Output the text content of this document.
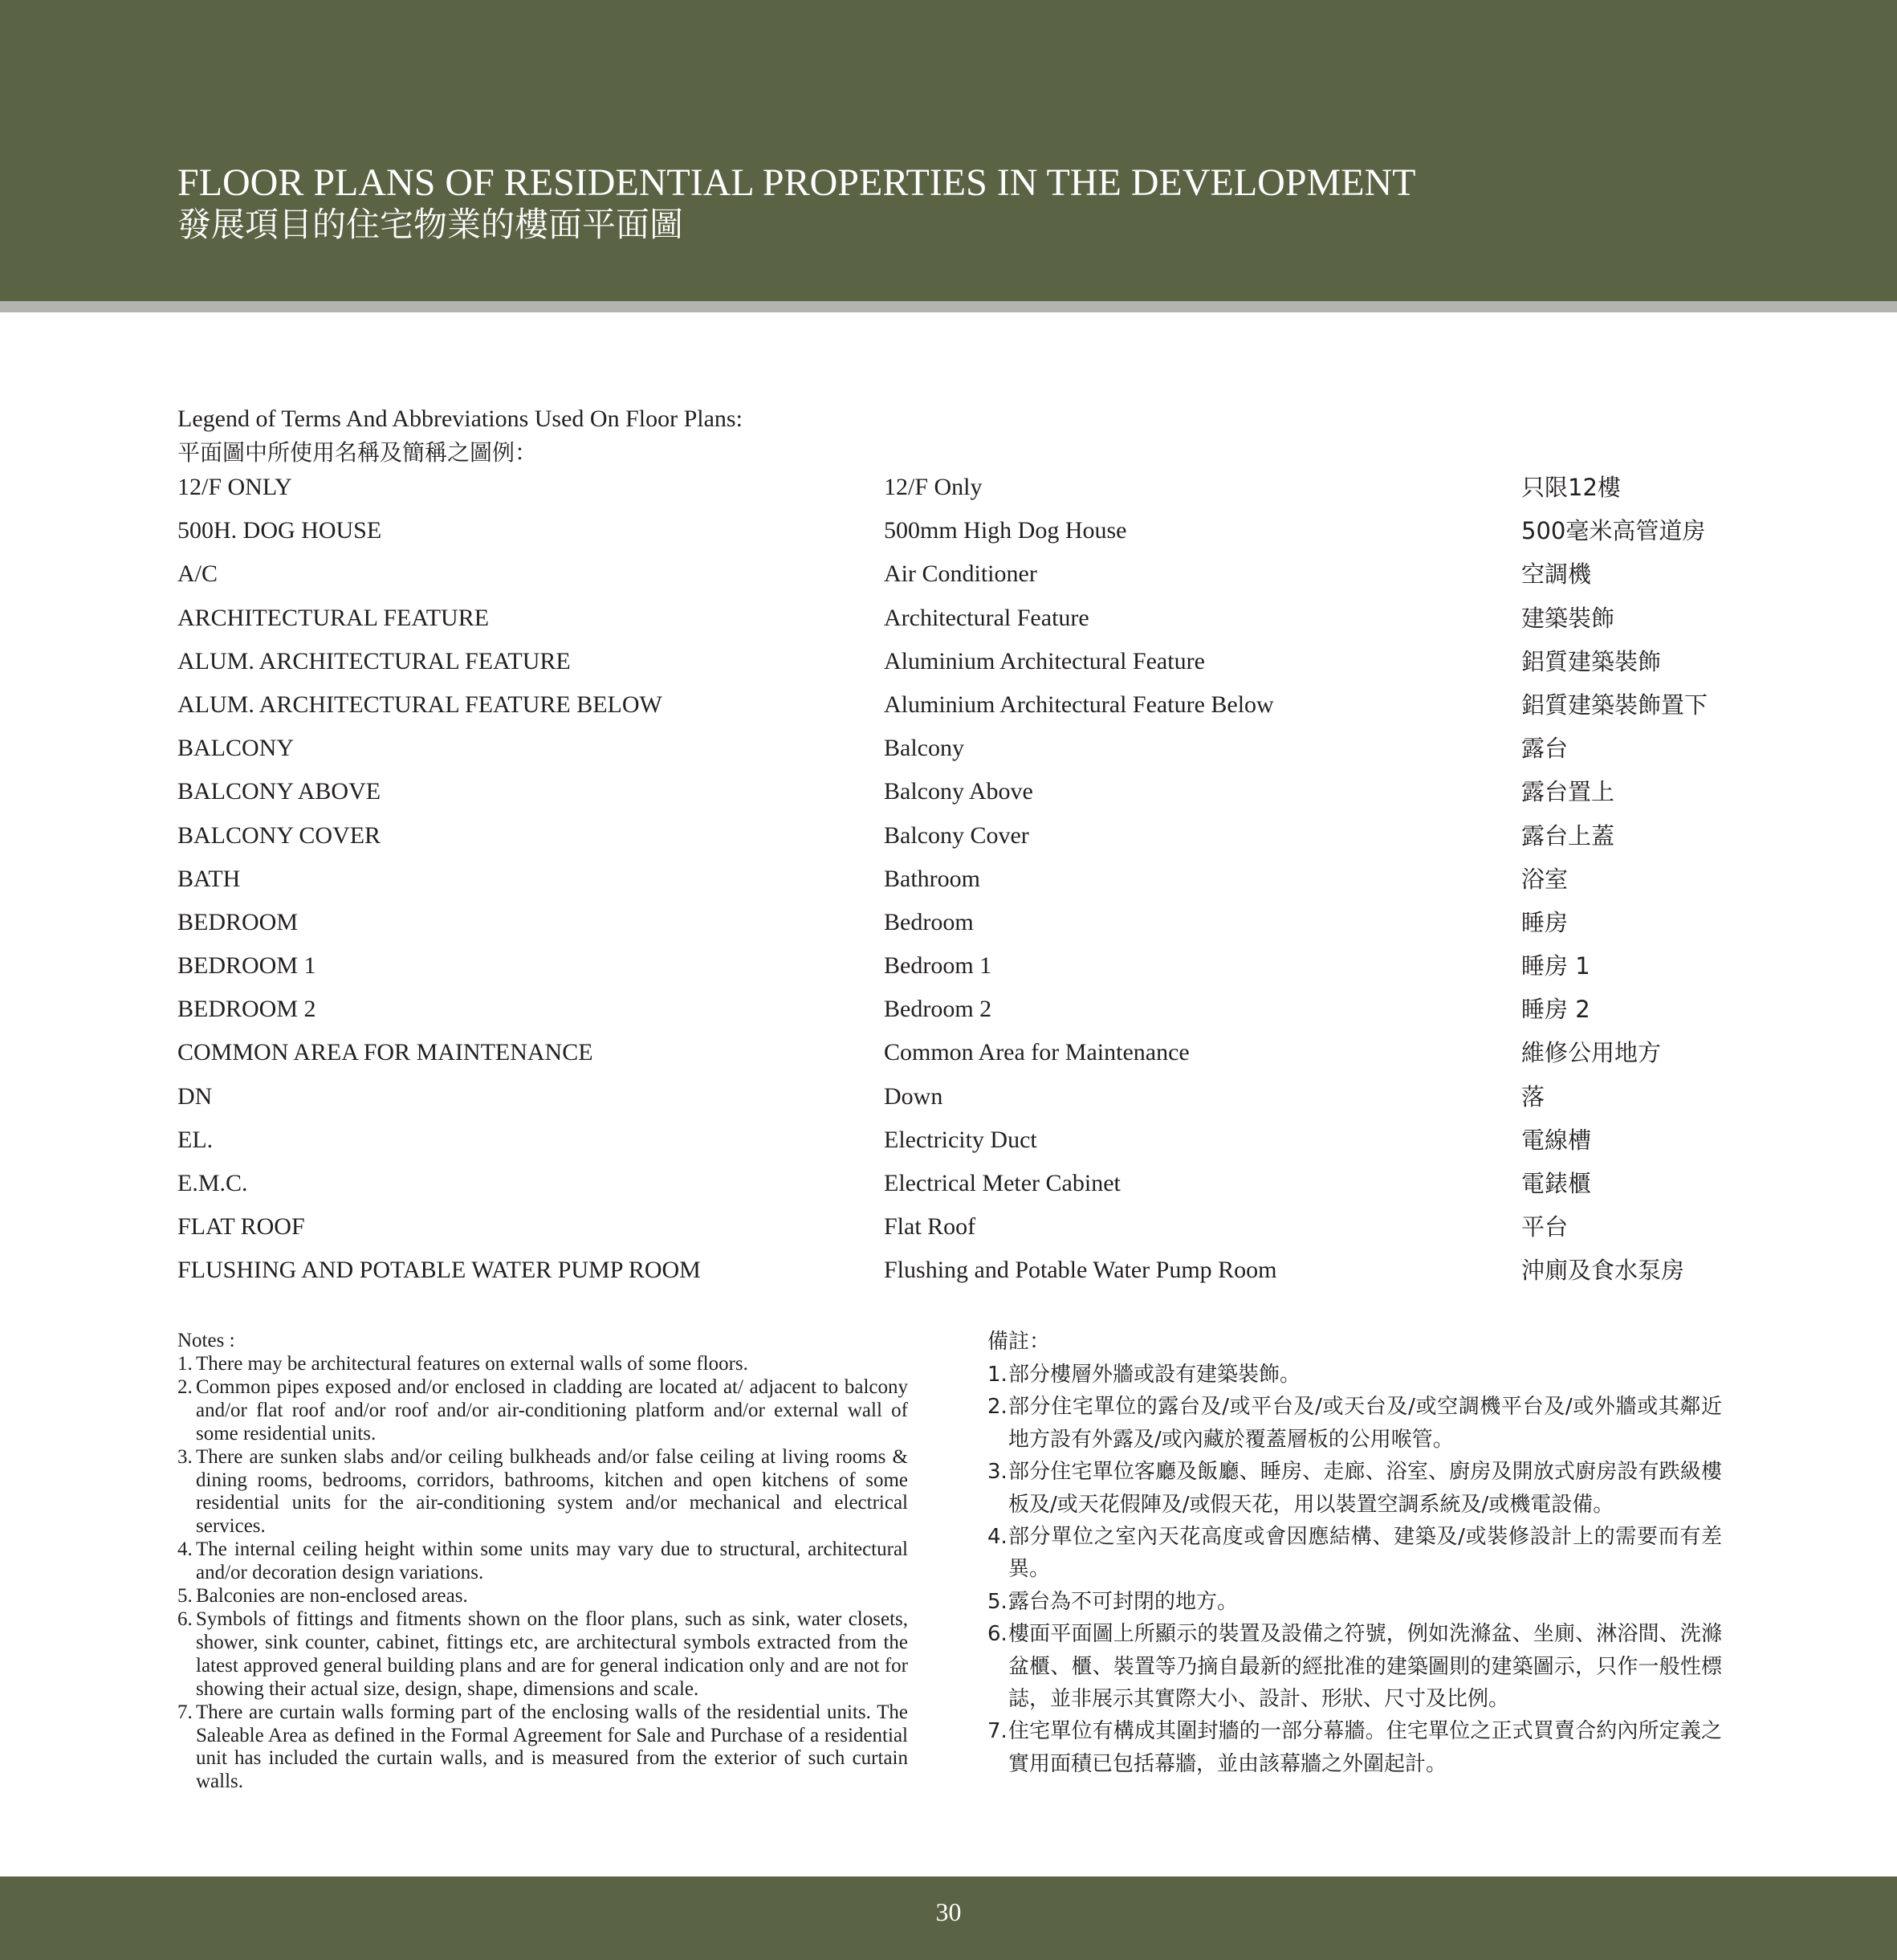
FLOOR PLANS OF RESIDENTIAL PROPERTIES IN THE DEVELOPMENT
發展項目的住宅物業的樓面平面圖
Legend of Terms And Abbreviations Used On Floor Plans:
平面圖中所使用名稱及簡稱之圖例：
12/F ONLY	12/F Only	只限12樓
500H. DOG HOUSE	500mm High Dog House	500毫米高管道房
A/C	Air Conditioner	空調機
ARCHITECTURAL FEATURE	Architectural Feature	建築裝飾
ALUM. ARCHITECTURAL FEATURE	Aluminium Architectural Feature	鋁質建築裝飾
ALUM. ARCHITECTURAL FEATURE BELOW	Aluminium Architectural Feature Below	鋁質建築裝飾置下
BALCONY	Balcony	露台
BALCONY ABOVE	Balcony Above	露台置上
BALCONY COVER	Balcony Cover	露台上蓋
BATH	Bathroom	浴室
BEDROOM	Bedroom	睡房
BEDROOM 1	Bedroom 1	睡房 1
BEDROOM 2	Bedroom 2	睡房 2
COMMON AREA FOR MAINTENANCE	Common Area for Maintenance	維修公用地方
DN	Down	落
EL.	Electricity Duct	電線槽
E.M.C.	Electrical Meter Cabinet	電錶櫃
FLAT ROOF	Flat Roof	平台
FLUSHING AND POTABLE WATER PUMP ROOM	Flushing and Potable Water Pump Room	沖廁及食水泵房
Notes :
1. There may be architectural features on external walls of some floors.
2. Common pipes exposed and/or enclosed in cladding are located at/ adjacent to balcony and/or flat roof and/or roof and/or air-conditioning platform and/or external wall of some residential units.
3. There are sunken slabs and/or ceiling bulkheads and/or false ceiling at living rooms & dining rooms, bedrooms, corridors, bathrooms, kitchen and open kitchens of some residential units for the air-conditioning system and/or mechanical and electrical services.
4. The internal ceiling height within some units may vary due to structural, architectural and/or decoration design variations.
5. Balconies are non-enclosed areas.
6. Symbols of fittings and fitments shown on the floor plans, such as sink, water closets, shower, sink counter, cabinet, fittings etc, are architectural symbols extracted from the latest approved general building plans and are for general indication only and are not for showing their actual size, design, shape, dimensions and scale.
7. There are curtain walls forming part of the enclosing walls of the residential units. The Saleable Area as defined in the Formal Agreement for Sale and Purchase of a residential unit has included the curtain walls, and is measured from the exterior of such curtain walls.
備註：
1. 部分樓層外牆或設有建築裝飾。
2. 部分住宅單位的露台及/或平台及/或天台及/或空調機平台及/或外牆或其鄰近地方設有外露及/或內藏於覆蓋層板的公用喉管。
3. 部分住宅單位客廳及飯廳、睡房、走廊、浴室、廚房及開放式廚房設有跌級樓板及/或天花假陣及/或假天花，用以裝置空調系統及/或機電設備。
4. 部分單位之室內天花高度或會因應結構、建築及/或裝修設計上的需要而有差異。
5. 露台為不可封閉的地方。
6. 樓面平面圖上所顯示的裝置及設備之符號，例如洗滌盆、坐廁、淋浴間、洗滌盆櫃、櫃、裝置等乃摘自最新的經批准的建築圖則的建築圖示，只作一般性標誌，並非展示其實際大小、設計、形狀、尺寸及比例。
7. 住宅單位有構成其圍封牆的一部分幕牆。住宅單位之正式買賣合約內所定義之實用面積已包括幕牆，並由該幕牆之外圍起計。
30
